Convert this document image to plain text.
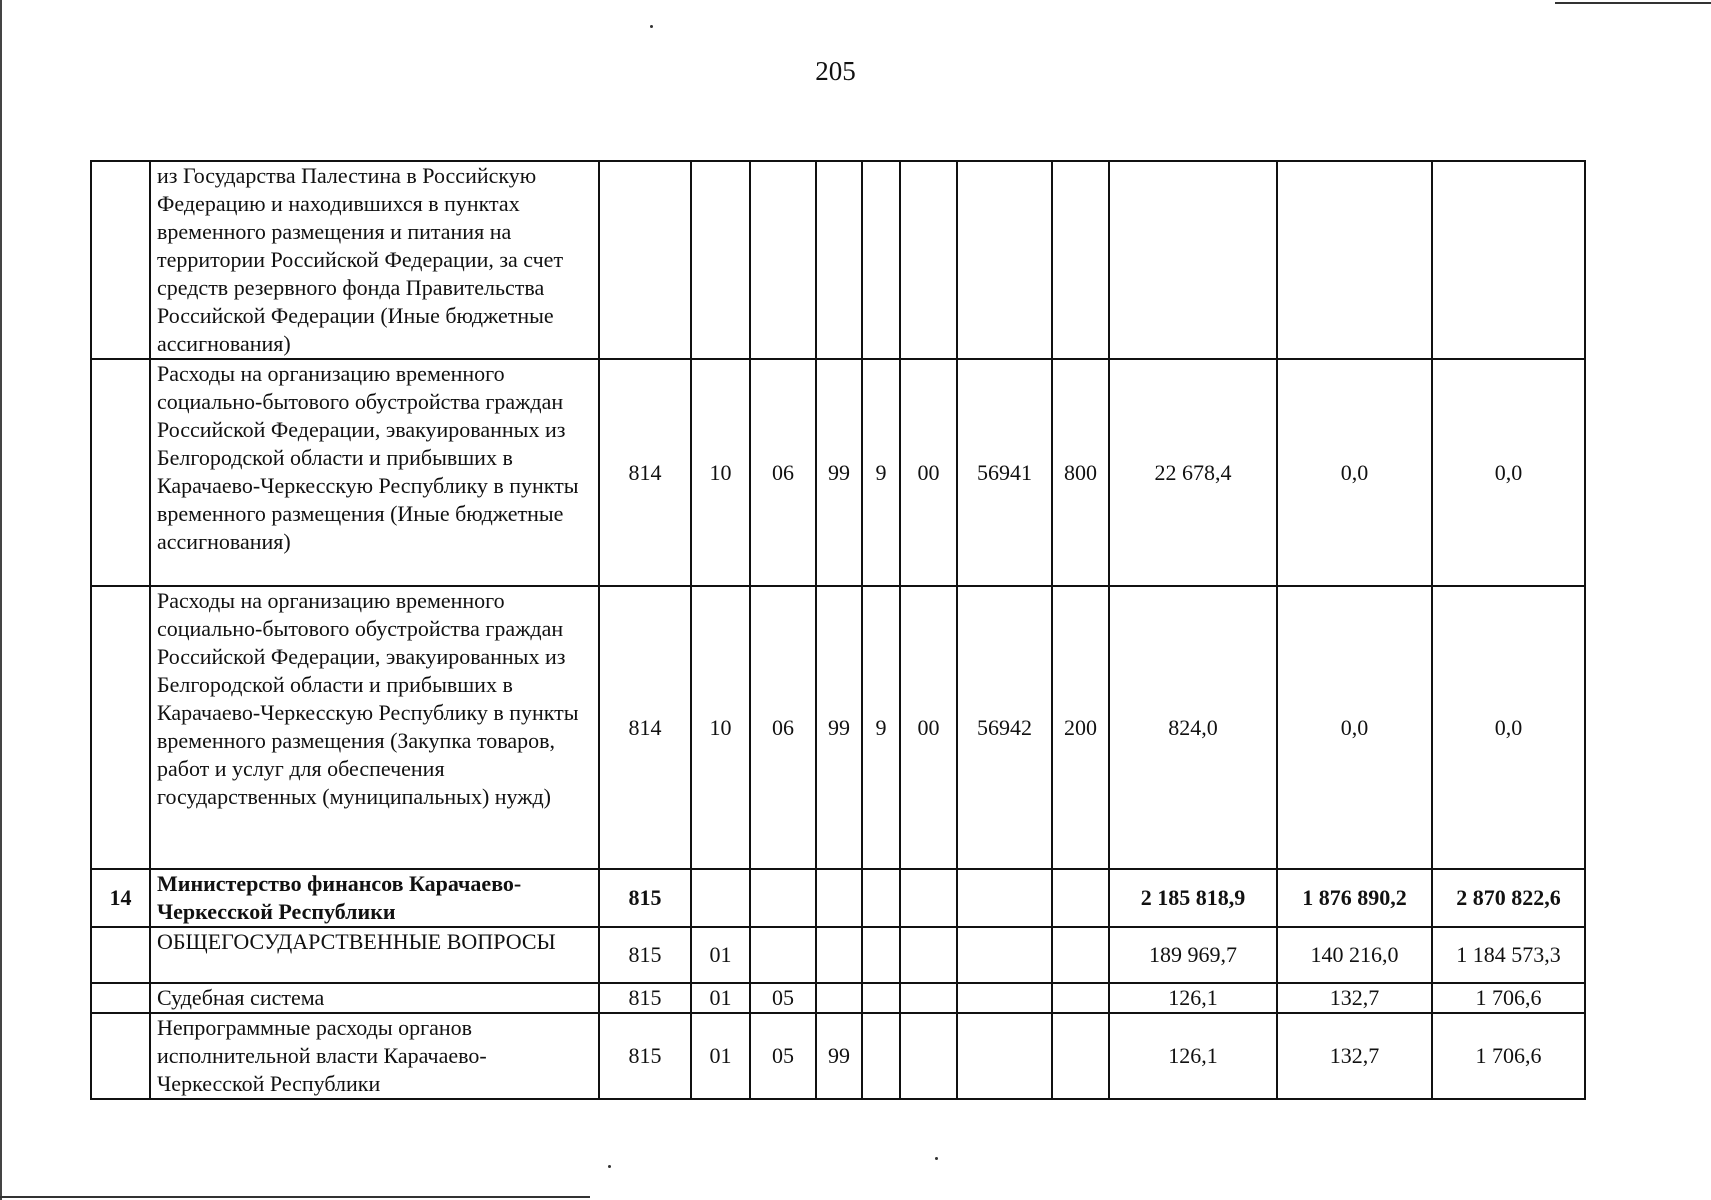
205
	из Государства Палестина в Российскую Федерацию и находившихся в пунктах временного размещения и питания на территории Российской Федерации, за счет средств резервного фонда Правительства Российской Федерации (Иные бюджетные ассигнования)											
	Расходы на организацию временного социально-бытового обустройства граждан Российской Федерации, эвакуированных из Белгородской области и прибывших в Карачаево-Черкесскую Республику в пункты временного размещения (Иные бюджетные ассигнования)	814	10	06	99	9	00	56941	800	22 678,4	0,0	0,0
	Расходы на организацию временного социально-бытового обустройства граждан Российской Федерации, эвакуированных из Белгородской области и прибывших в Карачаево-Черкесскую Республику в пункты временного размещения (Закупка товаров, работ и услуг для обеспечения государственных (муниципальных) нужд)	814	10	06	99	9	00	56942	200	824,0	0,0	0,0
14	Министерство финансов Карачаево-Черкесской Республики	815								2 185 818,9	1 876 890,2	2 870 822,6
	ОБЩЕГОСУДАРСТВЕННЫЕ ВОПРОСЫ	815	01							189 969,7	140 216,0	1 184 573,3
	Судебная система	815	01	05						126,1	132,7	1 706,6
	Непрограммные расходы органов исполнительной власти Карачаево-Черкесской Республики	815	01	05	99					126,1	132,7	1 706,6
